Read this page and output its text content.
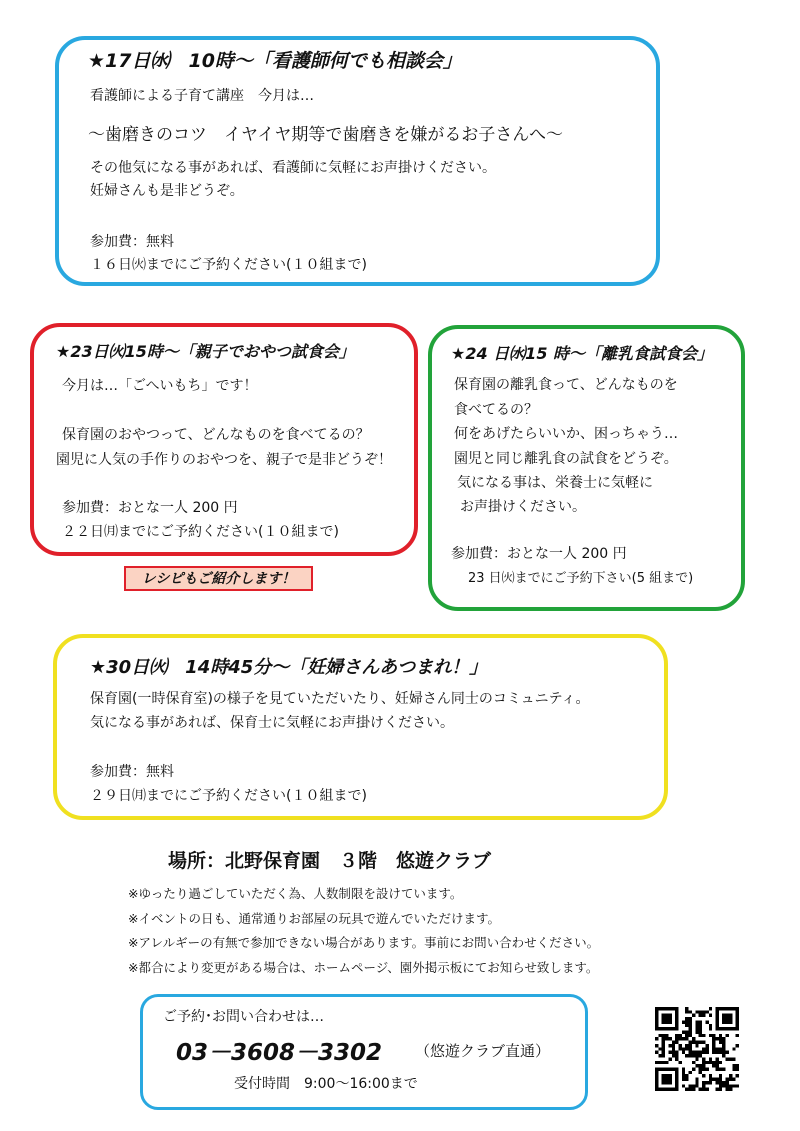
★17日㈬　10時～「看護師何でも相談会」
看護師による子育て講座　今月は…
～歯磨きのコツ　イヤイヤ期等で歯磨きを嫌がるお子さんへ～
その他気になる事があれば、看護師に気軽にお声掛けください。
妊婦さんも是非どうぞ。
参加費：無料
１６日㈫までにご予約ください(１０組まで)
★23日㈫15時～「親子でおやつ試食会」
今月は…「ごへいもち」です！
保育園のおやつって、どんなものを食べてるの？
園児に人気の手作りのおやつを、親子で是非どうぞ！
参加費：おとな一人 200 円
２２日㈪までにご予約ください(１０組まで)
レシピもご紹介します！
★24 日㈬15 時～「離乳食試食会」
保育園の離乳食って、どんなものを
食べてるの？
何をあげたらいいか、困っちゃう…
園児と同じ離乳食の試食をどうぞ。
気になる事は、栄養士に気軽に
お声掛けください。
参加費：おとな一人 200 円
23 日㈫までにご予約下さい(5 組まで)
★30日㈫　14時45分～「妊婦さんあつまれ！」
保育園(一時保育室)の様子を見ていただいたり、妊婦さん同士のコミュニティ。
気になる事があれば、保育士に気軽にお声掛けください。
参加費：無料
２９日㈪までにご予約ください(１０組まで)
場所：北野保育園　３階　悠遊クラブ
※ゆったり過ごしていただく為、人数制限を設けています。
※イベントの日も、通常通りお部屋の玩具で遊んでいただけます。
※アレルギーの有無で参加できない場合があります。事前にお問い合わせください。
※都合により変更がある場合は、ホームページ、園外掲示板にてお知らせ致します。
ご予約･お問い合わせは…
03－3608－3302 （悠遊クラブ直通）
受付時間　9:00～16:00まで
